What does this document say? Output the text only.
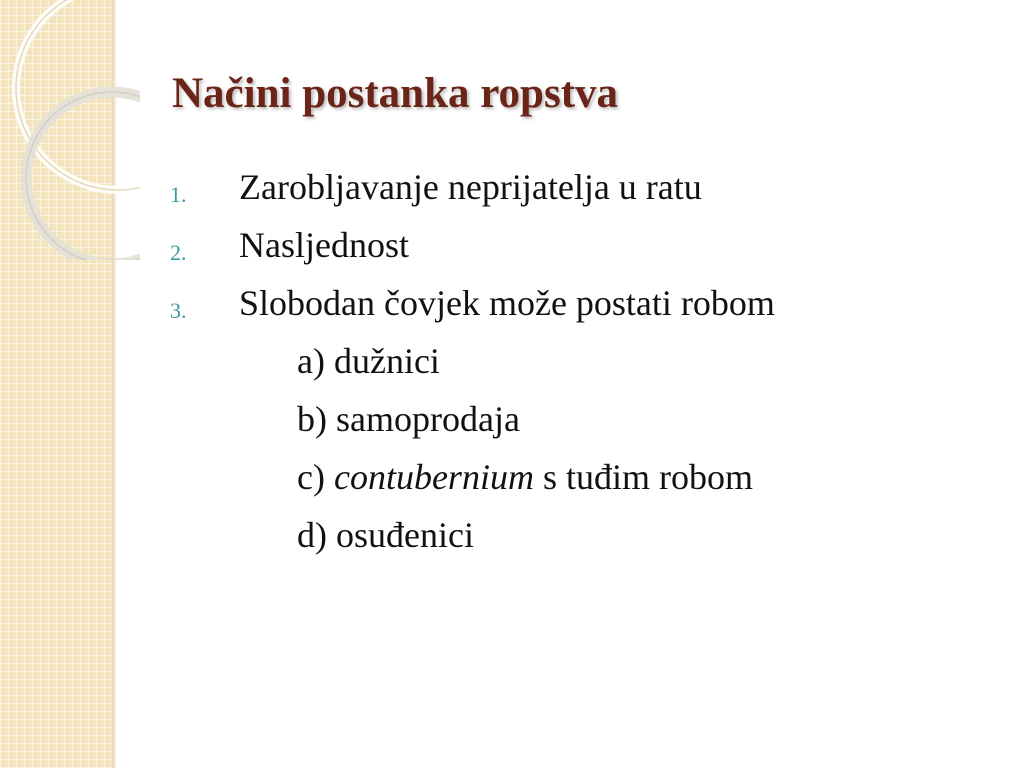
Načini postanka ropstva
1. Zarobljavanje neprijatelja u ratu
2. Nasljednost
3. Slobodan čovjek može postati robom
a) dužnici
b) samoprodaja
c) contubernium s tuđim robom
d) osuđenici
